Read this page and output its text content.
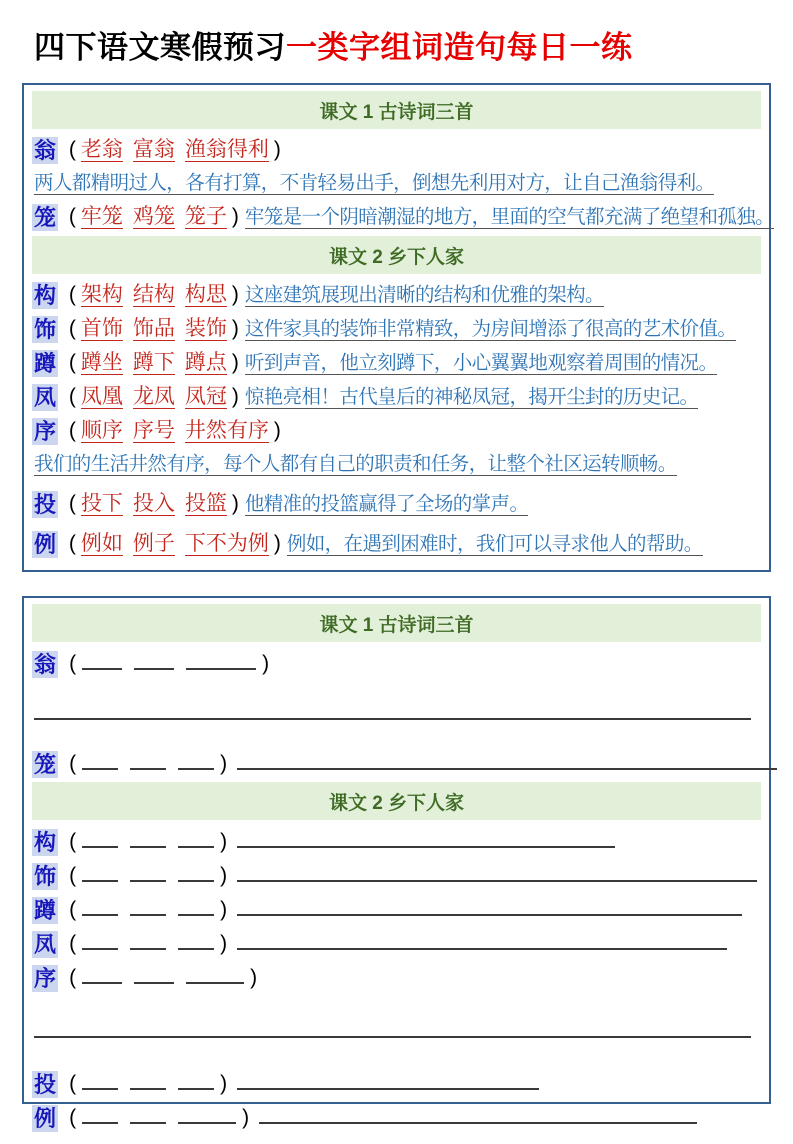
四下语文寒假预习一类字组词造句每日一练
课文 1 古诗词三首
翁 ( 老翁 富翁 渔翁得利 )
两人都精明过人，各有打算，不肯轻易出手，倒想先利用对方，让自己渔翁得利。
笼 ( 牢笼 鸡笼 笼子 ) 牢笼是一个阴暗潮湿的地方，里面的空气都充满了绝望和孤独。
课文 2 乡下人家
构 ( 架构 结构 构思 ) 这座建筑展现出清晰的结构和优雅的架构。
饰 ( 首饰 饰品 装饰 ) 这件家具的装饰非常精致，为房间增添了很高的艺术价值。
蹲 ( 蹲坐 蹲下 蹲点 ) 听到声音，他立刻蹲下，小心翼翼地观察着周围的情况。
凤 ( 凤凰 龙凤 凤冠 ) 惊艳亮相！古代皇后的神秘凤冠，揭开尘封的历史记。
序 ( 顺序 序号 井然有序 )
我们的生活井然有序，每个人都有自己的职责和任务，让整个社区运转顺畅。
投 ( 投下 投入 投篮 ) 他精准的投篮赢得了全场的掌声。
例 ( 例如 例子 下不为例 ) 例如，在遇到困难时，我们可以寻求他人的帮助。
课文 1 古诗词三首
翁 (	)
笼 (	)
课文 2 乡下人家
构 (	)
饰 (	)
蹲 (	)
凤 (	)
序 (	)
投 (	)
例 (	)
